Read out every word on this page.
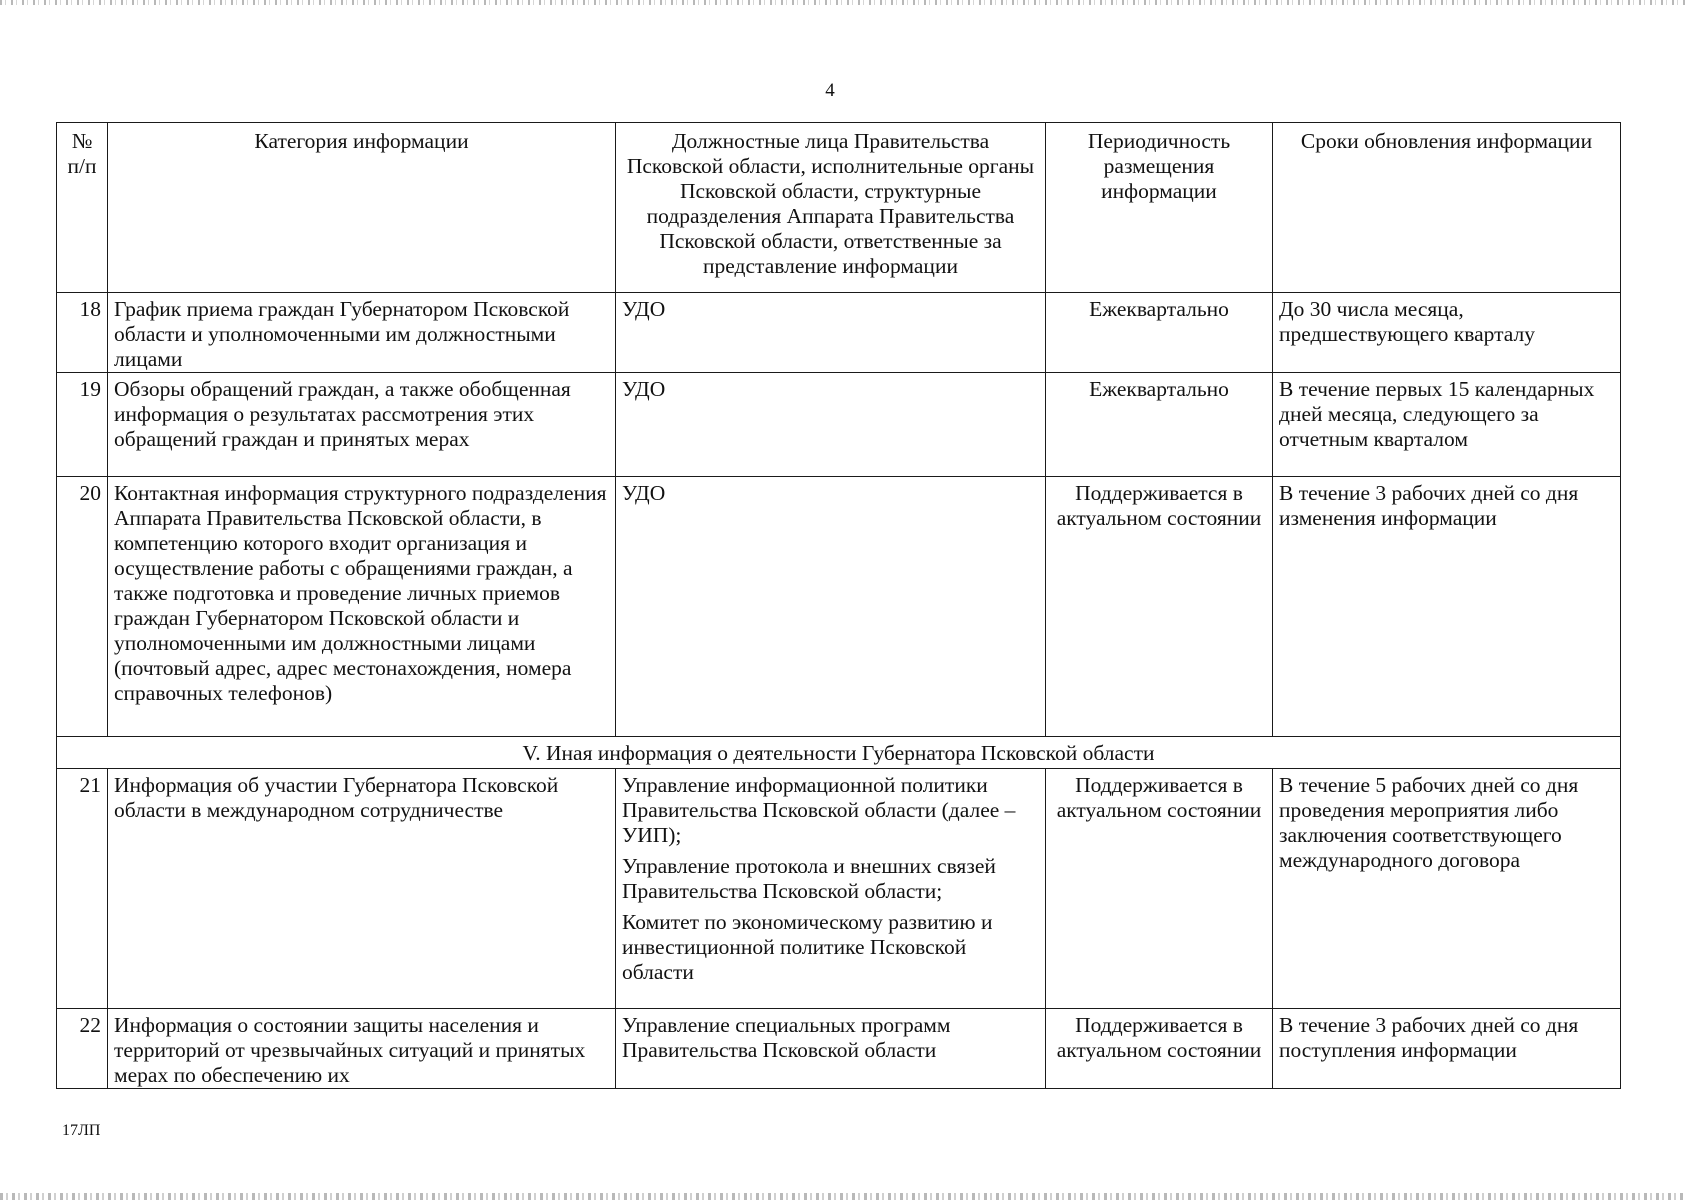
4
№ п/п	Категория информации	Должностные лица Правительства Псковской области, исполнительные органы Псковской области, структурные подразделения Аппарата Правительства Псковской области, ответственные за представление информации	Периодичность размещения информации	Сроки обновления информации
18	График приема граждан Губернатором Псковской области и уполномоченными им должностными лицами	УДО	Ежеквартально	До 30 числа месяца, предшествующего кварталу
19	Обзоры обращений граждан, а также обобщенная информация о результатах рассмотрения этих обращений граждан и принятых мерах	УДО	Ежеквартально	В течение первых 15 календарных дней месяца, следующего за отчетным кварталом
20	Контактная информация структурного подразделения Аппарата Правительства Псковской области, в компетенцию которого входит организация и осуществление работы с обращениями граждан, а также подготовка и проведение личных приемов граждан Губернатором Псковской области и уполномоченными им должностными лицами (почтовый адрес, адрес местонахождения, номера справочных телефонов)	УДО	Поддерживается в актуальном состоянии	В течение 3 рабочих дней со дня изменения информации
V. Иная информация о деятельности Губернатора Псковской области				
21	Информация об участии Губернатора Псковской области в международном сотрудничестве	Управление информационной политики Правительства Псковской области (далее – УИП);

Управление протокола и внешних связей Правительства Псковской области;

Комитет по экономическому развитию и инвестиционной политике Псковской области	Поддерживается в актуальном состоянии	В течение 5 рабочих дней со дня проведения мероприятия либо заключения соответствующего международного договора
22	Информация о состоянии защиты населения и территорий от чрезвычайных ситуаций и принятых мерах по обеспечению их	Управление специальных программ Правительства Псковской области	Поддерживается в актуальном состоянии	В течение 3 рабочих дней со дня поступления информации
17ЛП
